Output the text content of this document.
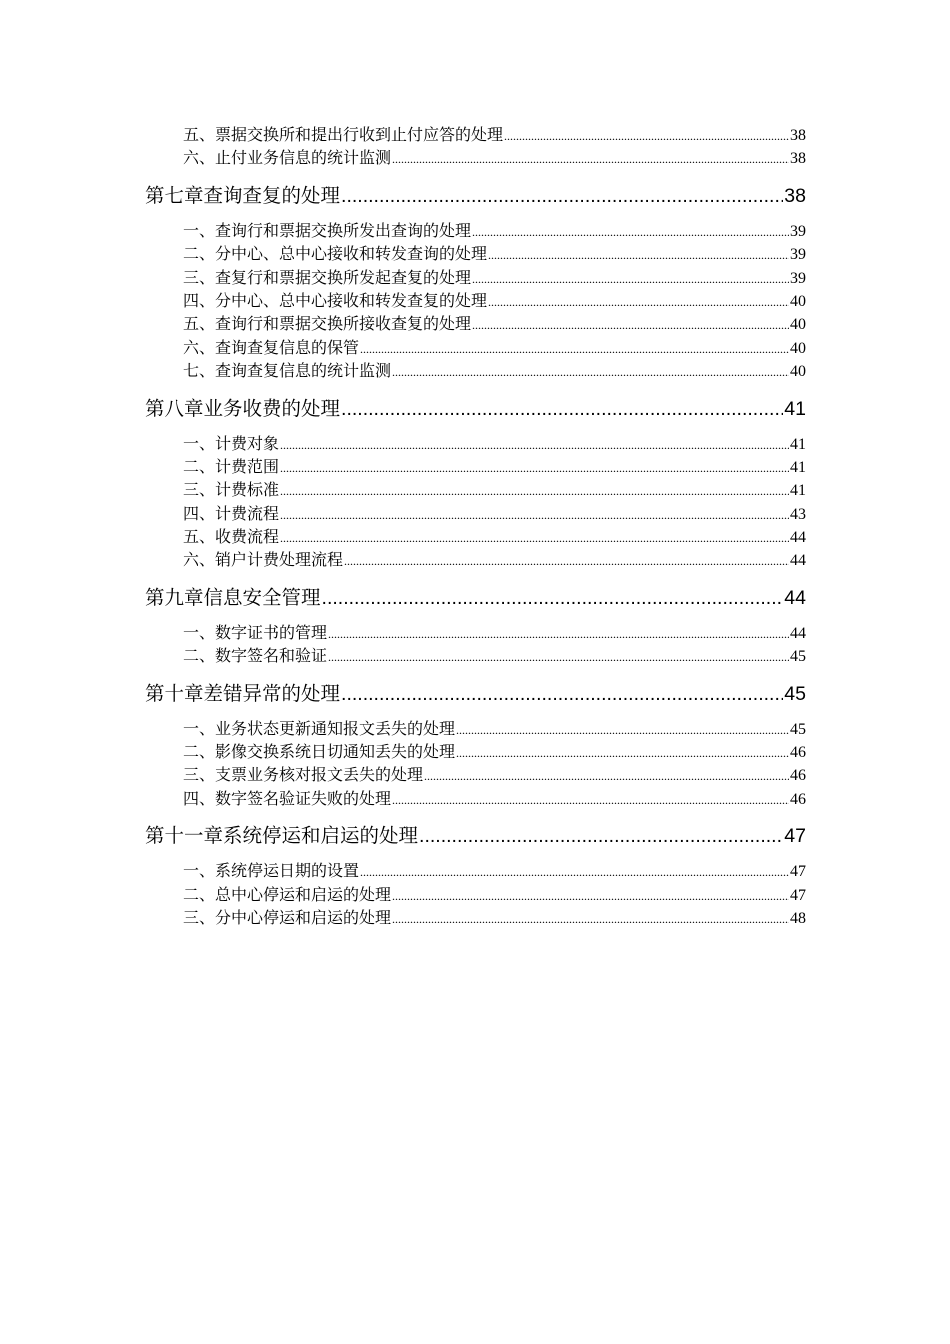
五、票据交换所和提出行收到止付应答的处理 .....	38
六、止付业务信息的统计监测 .....	38
第七章 查询查复的处理 .....	38
一、查询行和票据交换所发出查询的处理 .....	39
二、分中心、总中心接收和转发查询的处理 .....	39
三、查复行和票据交换所发起查复的处理 .....	39
四、分中心、总中心接收和转发查复的处理 .....	40
五、查询行和票据交换所接收查复的处理 .....	40
六、查询查复信息的保管 .....	40
七、查询查复信息的统计监测 .....	40
第八章 业务收费的处理 .....	41
一、计费对象 .....	41
二、计费范围 .....	41
三、计费标准 .....	41
四、计费流程 .....	43
五、收费流程 .....	44
六、销户计费处理流程 .....	44
第九章 信息安全管理 .....	44
一、数字证书的管理 .....	44
二、数字签名和验证 .....	45
第十章 差错异常的处理 .....	45
一、业务状态更新通知报文丢失的处理 .....	45
二、影像交换系统日切通知丢失的处理 .....	46
三、支票业务核对报文丢失的处理 .....	46
四、数字签名验证失败的处理 .....	46
第十一章 系统停运和启运的处理 .....	47
一、系统停运日期的设置 .....	47
二、总中心停运和启运的处理 .....	47
三、分中心停运和启运的处理 .....	48
